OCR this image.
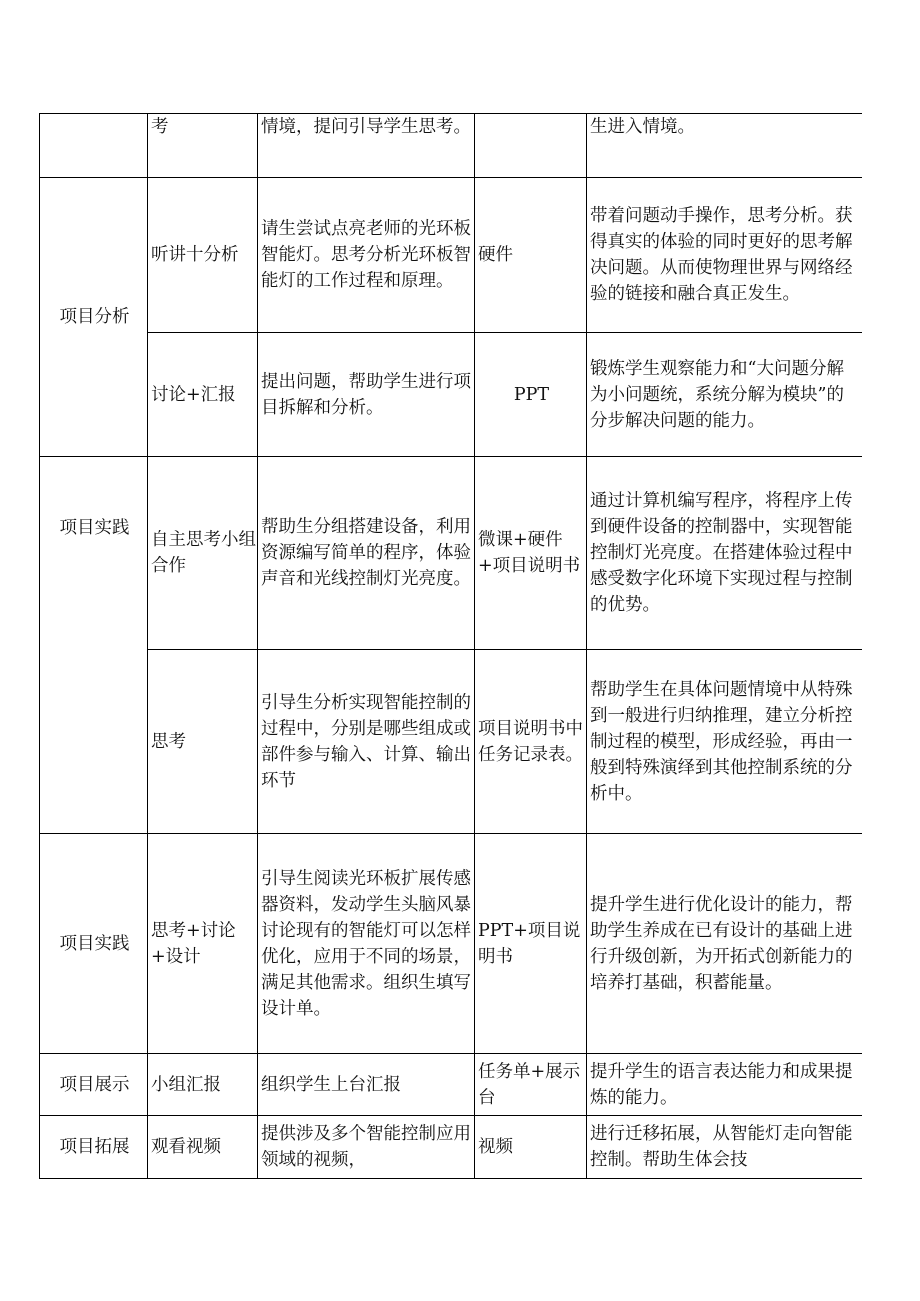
	考	情境，提问引导学生思考。		生进入情境。
项目分析	听讲十分析	请生尝试点亮老师的光环板智能灯。思考分析光环板智能灯的工作过程和原理。	硬件	带着问题动手操作，思考分析。获得真实的体验的同时更好的思考解决问题。从而使物理世界与网络经验的链接和融合真正发生。
	讨论+汇报	提出问题，帮助学生进行项目拆解和分析。	PPT	锻炼学生观察能力和“大问题分解为小问题统，系统分解为模块”的分步解决问题的能力。
项目实践	自主思考小组合作	帮助生分组搭建设备，利用资源编写简单的程序，体验声音和光线控制灯光亮度。	微课+硬件+项目说明书	通过计算机编写程序，将程序上传到硬件设备的控制器中，实现智能控制灯光亮度。在搭建体验过程中感受数字化环境下实现过程与控制的优势。
	思考	引导生分析实现智能控制的过程中，分别是哪些组成或部件参与输入、计算、输出环节	项目说明书中任务记录表。	帮助学生在具体问题情境中从特殊到一般进行归纳推理，建立分析控制过程的模型，形成经验，再由一般到特殊演绎到其他控制系统的分析中。
项目实践	思考+讨论+设计	引导生阅读光环板扩展传感器资料，发动学生头脑风暴讨论现有的智能灯可以怎样优化，应用于不同的场景，满足其他需求。组织生填写设计单。	PPT+项目说明书	提升学生进行优化设计的能力，帮助学生养成在已有设计的基础上进行升级创新，为开拓式创新能力的培养打基础，积蓄能量。
项目展示	小组汇报	组织学生上台汇报	任务单+展示台	提升学生的语言表达能力和成果提炼的能力。
项目拓展	观看视频	提供涉及多个智能控制应用领域的视频，	视频	进行迁移拓展，从智能灯走向智能控制。帮助生体会技
